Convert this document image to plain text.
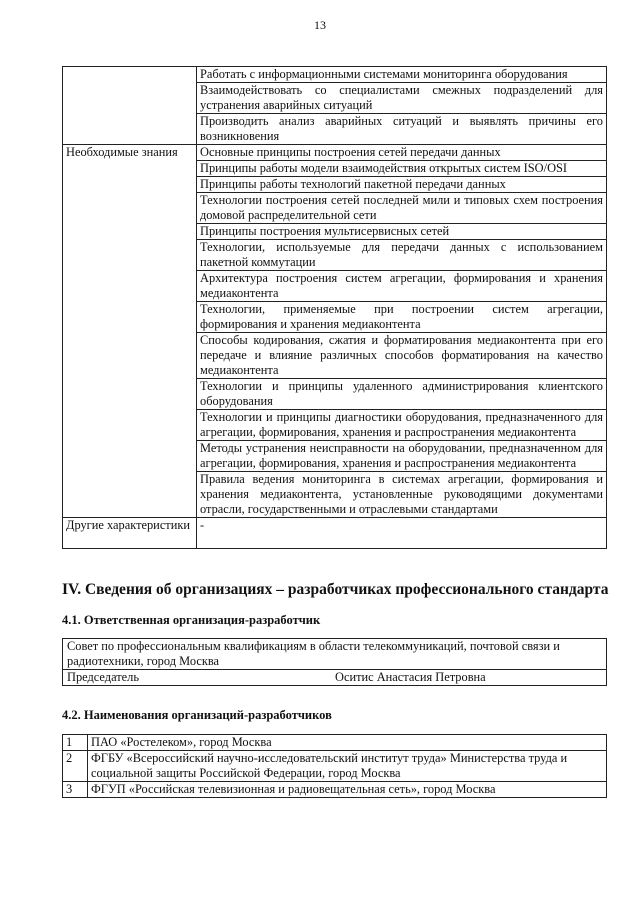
13
	Работать с информационными системами мониторинга оборудования
	Взаимодействовать со специалистами смежных подразделений для устранения аварийных ситуаций
	Производить анализ аварийных ситуаций и выявлять причины его возникновения
Необходимые знания	Основные принципы построения сетей передачи данных
	Принципы работы модели взаимодействия открытых систем ISO/OSI
	Принципы работы технологий пакетной передачи данных
	Технологии построения сетей последней мили и типовых схем построения домовой распределительной сети
	Принципы построения мультисервисных сетей
	Технологии, используемые для передачи данных с использованием пакетной коммутации
	Архитектура построения систем агрегации, формирования и хранения медиаконтента
	Технологии, применяемые при построении систем агрегации, формирования и хранения медиаконтента
	Способы кодирования, сжатия и форматирования медиаконтента при его передаче и влияние различных способов форматирования на качество медиаконтента
	Технологии и принципы удаленного администрирования клиентского оборудования
	Технологии и принципы диагностики оборудования, предназначенного для агрегации, формирования, хранения и распространения медиаконтента
	Методы устранения неисправности на оборудовании, предназначенном для агрегации, формирования, хранения и распространения медиаконтента
	Правила ведения мониторинга в системах агрегации, формирования и хранения медиаконтента, установленные руководящими документами отрасли, государственными и отраслевыми стандартами
Другие характеристики	-
IV. Сведения об организациях – разработчиках профессионального стандарта
4.1. Ответственная организация-разработчик
Совет по профессиональным квалификациям в области телекоммуникаций, почтовой связи и радиотехники, город Москва

Председатель	Оситис Анастасия Петровна
4.2. Наименования организаций-разработчиков
1	ПАО «Ростелеком», город Москва
2	ФГБУ «Всероссийский научно-исследовательский институт труда» Министерства труда и социальной защиты Российской Федерации, город Москва
3	ФГУП «Российская телевизионная и радиовещательная сеть», город Москва
